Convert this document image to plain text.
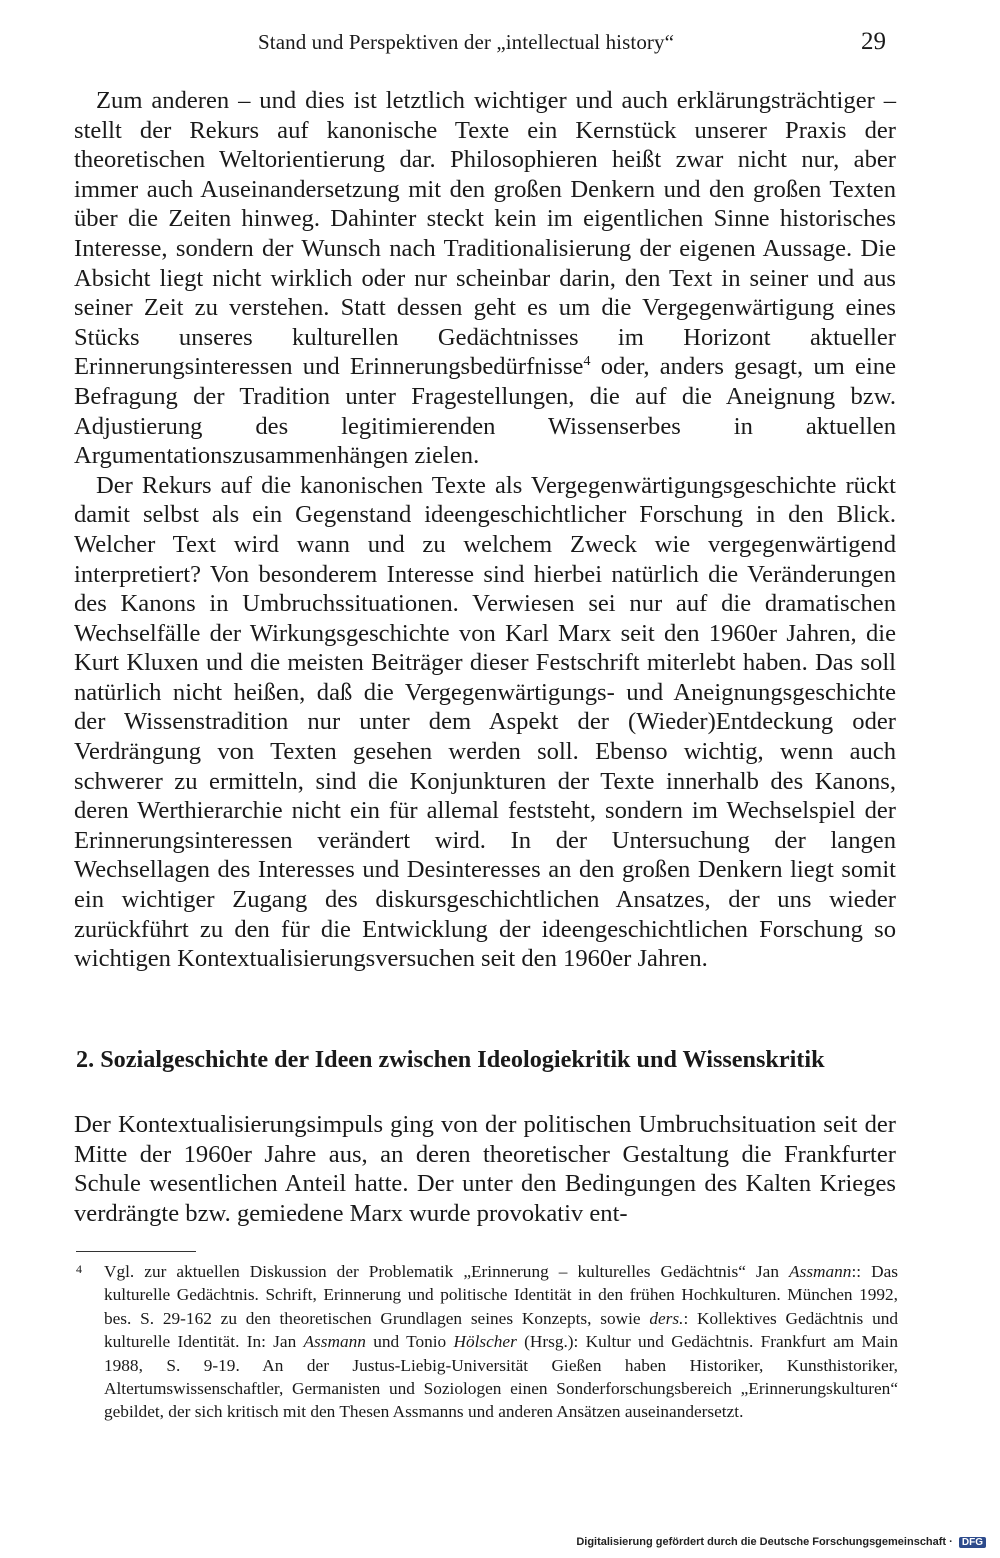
Stand und Perspektiven der „intellectual history“	29

Zum anderen – und dies ist letztlich wichtiger und auch erklärungsträchtiger – stellt der Rekurs auf kanonische Texte ein Kernstück unserer Praxis der theoretischen Weltorientierung dar. Philosophieren heißt zwar nicht nur, aber immer auch Auseinandersetzung mit den großen Denkern und den großen Texten über die Zeiten hinweg. Dahinter steckt kein im eigentlichen Sinne historisches Interesse, sondern der Wunsch nach Traditionalisierung der eigenen Aussage. Die Absicht liegt nicht wirklich oder nur scheinbar darin, den Text in seiner und aus seiner Zeit zu verstehen. Statt dessen geht es um die Vergegenwärtigung eines Stücks unseres kulturellen Gedächtnisses im Horizont aktueller Erinnerungsinteressen und Erinnerungsbedürfnisse$^4$ oder, anders gesagt, um eine Befragung der Tradition unter Fragestellungen, die auf die Aneignung bzw. Adjustierung des legitimierenden Wissenserbes in aktuellen Argumentationszusammenhängen zielen.

Der Rekurs auf die kanonischen Texte als Vergegenwärtigungsgeschichte rückt damit selbst als ein Gegenstand ideengeschichtlicher Forschung in den Blick. Welcher Text wird wann und zu welchem Zweck wie vergegenwärtigend interpretiert? Von besonderem Interesse sind hierbei natürlich die Veränderungen des Kanons in Umbruchssituationen. Verwiesen sei nur auf die dramatischen Wechselfälle der Wirkungsgeschichte von Karl Marx seit den 1960er Jahren, die Kurt Kluxen und die meisten Beiträger dieser Festschrift miterlebt haben. Das soll natürlich nicht heißen, daß die Vergegenwärtigungs- und Aneignungsgeschichte der Wissenstradition nur unter dem Aspekt der (Wieder)Entdeckung oder Verdrängung von Texten gesehen werden soll. Ebenso wichtig, wenn auch schwerer zu ermitteln, sind die Konjunkturen der Texte innerhalb des Kanons, deren Werthierarchie nicht ein für allemal feststeht, sondern im Wechselspiel der Erinnerungsinteressen verändert wird. In der Untersuchung der langen Wechsellagen des Interesses und Desinteresses an den großen Denkern liegt somit ein wichtiger Zugang des diskursgeschichtlichen Ansatzes, der uns wieder zurückführt zu den für die Entwicklung der ideengeschichtlichen Forschung so wichtigen Kontextualisierungsversuchen seit den 1960er Jahren.

2. Sozialgeschichte der Ideen zwischen Ideologiekritik und Wissenskritik

Der Kontextualisierungsimpuls ging von der politischen Umbruchsituation seit der Mitte der 1960er Jahre aus, an deren theoretischer Gestaltung die Frankfurter Schule wesentlichen Anteil hatte. Der unter den Bedingungen des Kalten Krieges verdrängte bzw. gemiedene Marx wurde provokativ ent-

4 Vgl. zur aktuellen Diskussion der Problematik „Erinnerung – kulturelles Gedächtnis“ Jan Assmann:: Das kulturelle Gedächtnis. Schrift, Erinnerung und politische Identität in den frühen Hochkulturen. München 1992, bes. S. 29-162 zu den theoretischen Grundlagen seines Konzepts, sowie ders.: Kollektives Gedächtnis und kulturelle Identität. In: Jan Assmann und Tonio Hölscher (Hrsg.): Kultur und Gedächtnis. Frankfurt am Main 1988, S. 9-19. An der Justus-Liebig-Universität Gießen haben Historiker, Kunsthistoriker, Altertumswissenschaftler, Germanisten und Soziologen einen Sonderforschungsbereich „Erinnerungskulturen“ gebildet, der sich kritisch mit den Thesen Assmanns und anderen Ansätzen auseinandersetzt.
Digitalisierung gefördert durch die Deutsche Forschungsgemeinschaft · DFG
